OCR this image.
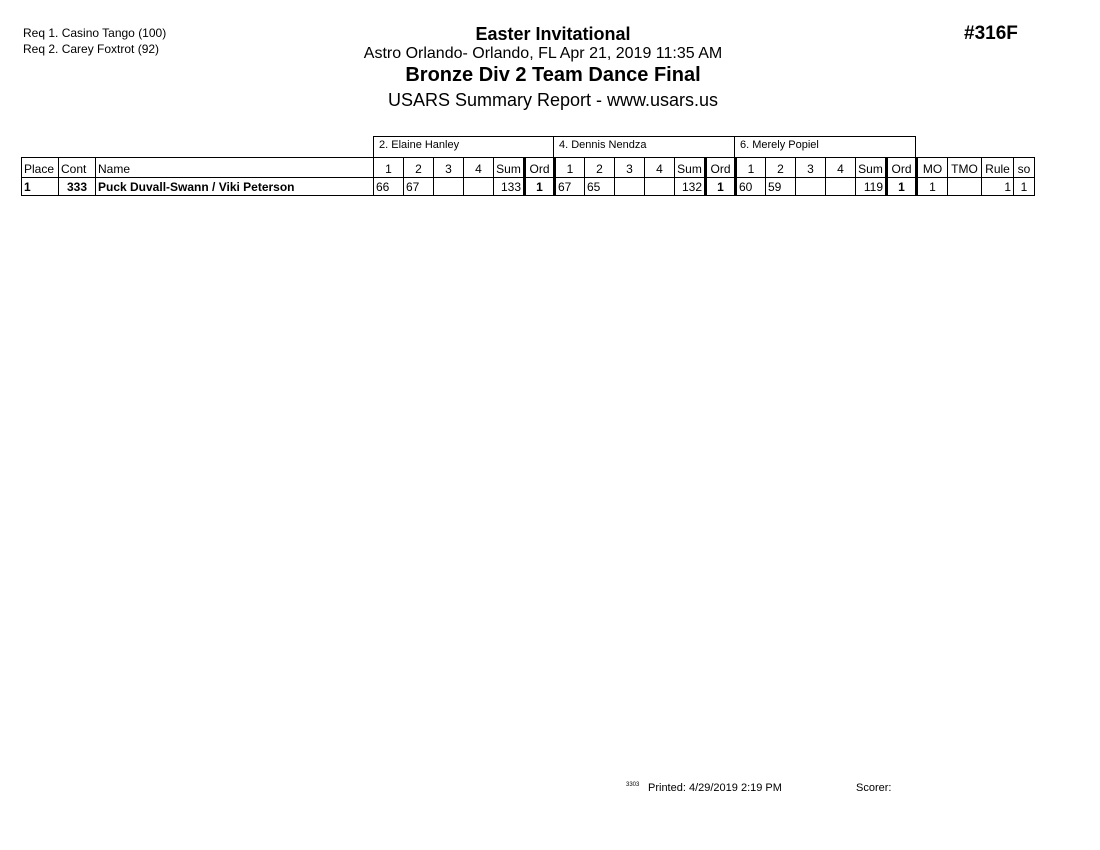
Req 1. Casino Tango (100)
Req 2. Carey Foxtrot (92)
Easter Invitational
Astro Orlando- Orlando, FL Apr 21, 2019 11:35 AM
Bronze Div 2 Team Dance Final
USARS Summary Report - www.usars.us
#316F
2. Elaine Hanley	4. Dennis Nendza	6. Merely Popiel
Place	Cont	Name	1	2	3	4	Sum	Ord	1	2	3	4	Sum	Ord	1	2	3	4	Sum	Ord	MO	TMO	Rule	so
1	333	Puck Duvall-Swann / Viki Peterson	66	67			133	1	67	65			132	1	60	59			119	1	1		1	1
3303 Printed: 4/29/2019 2:19 PM	Scorer:
